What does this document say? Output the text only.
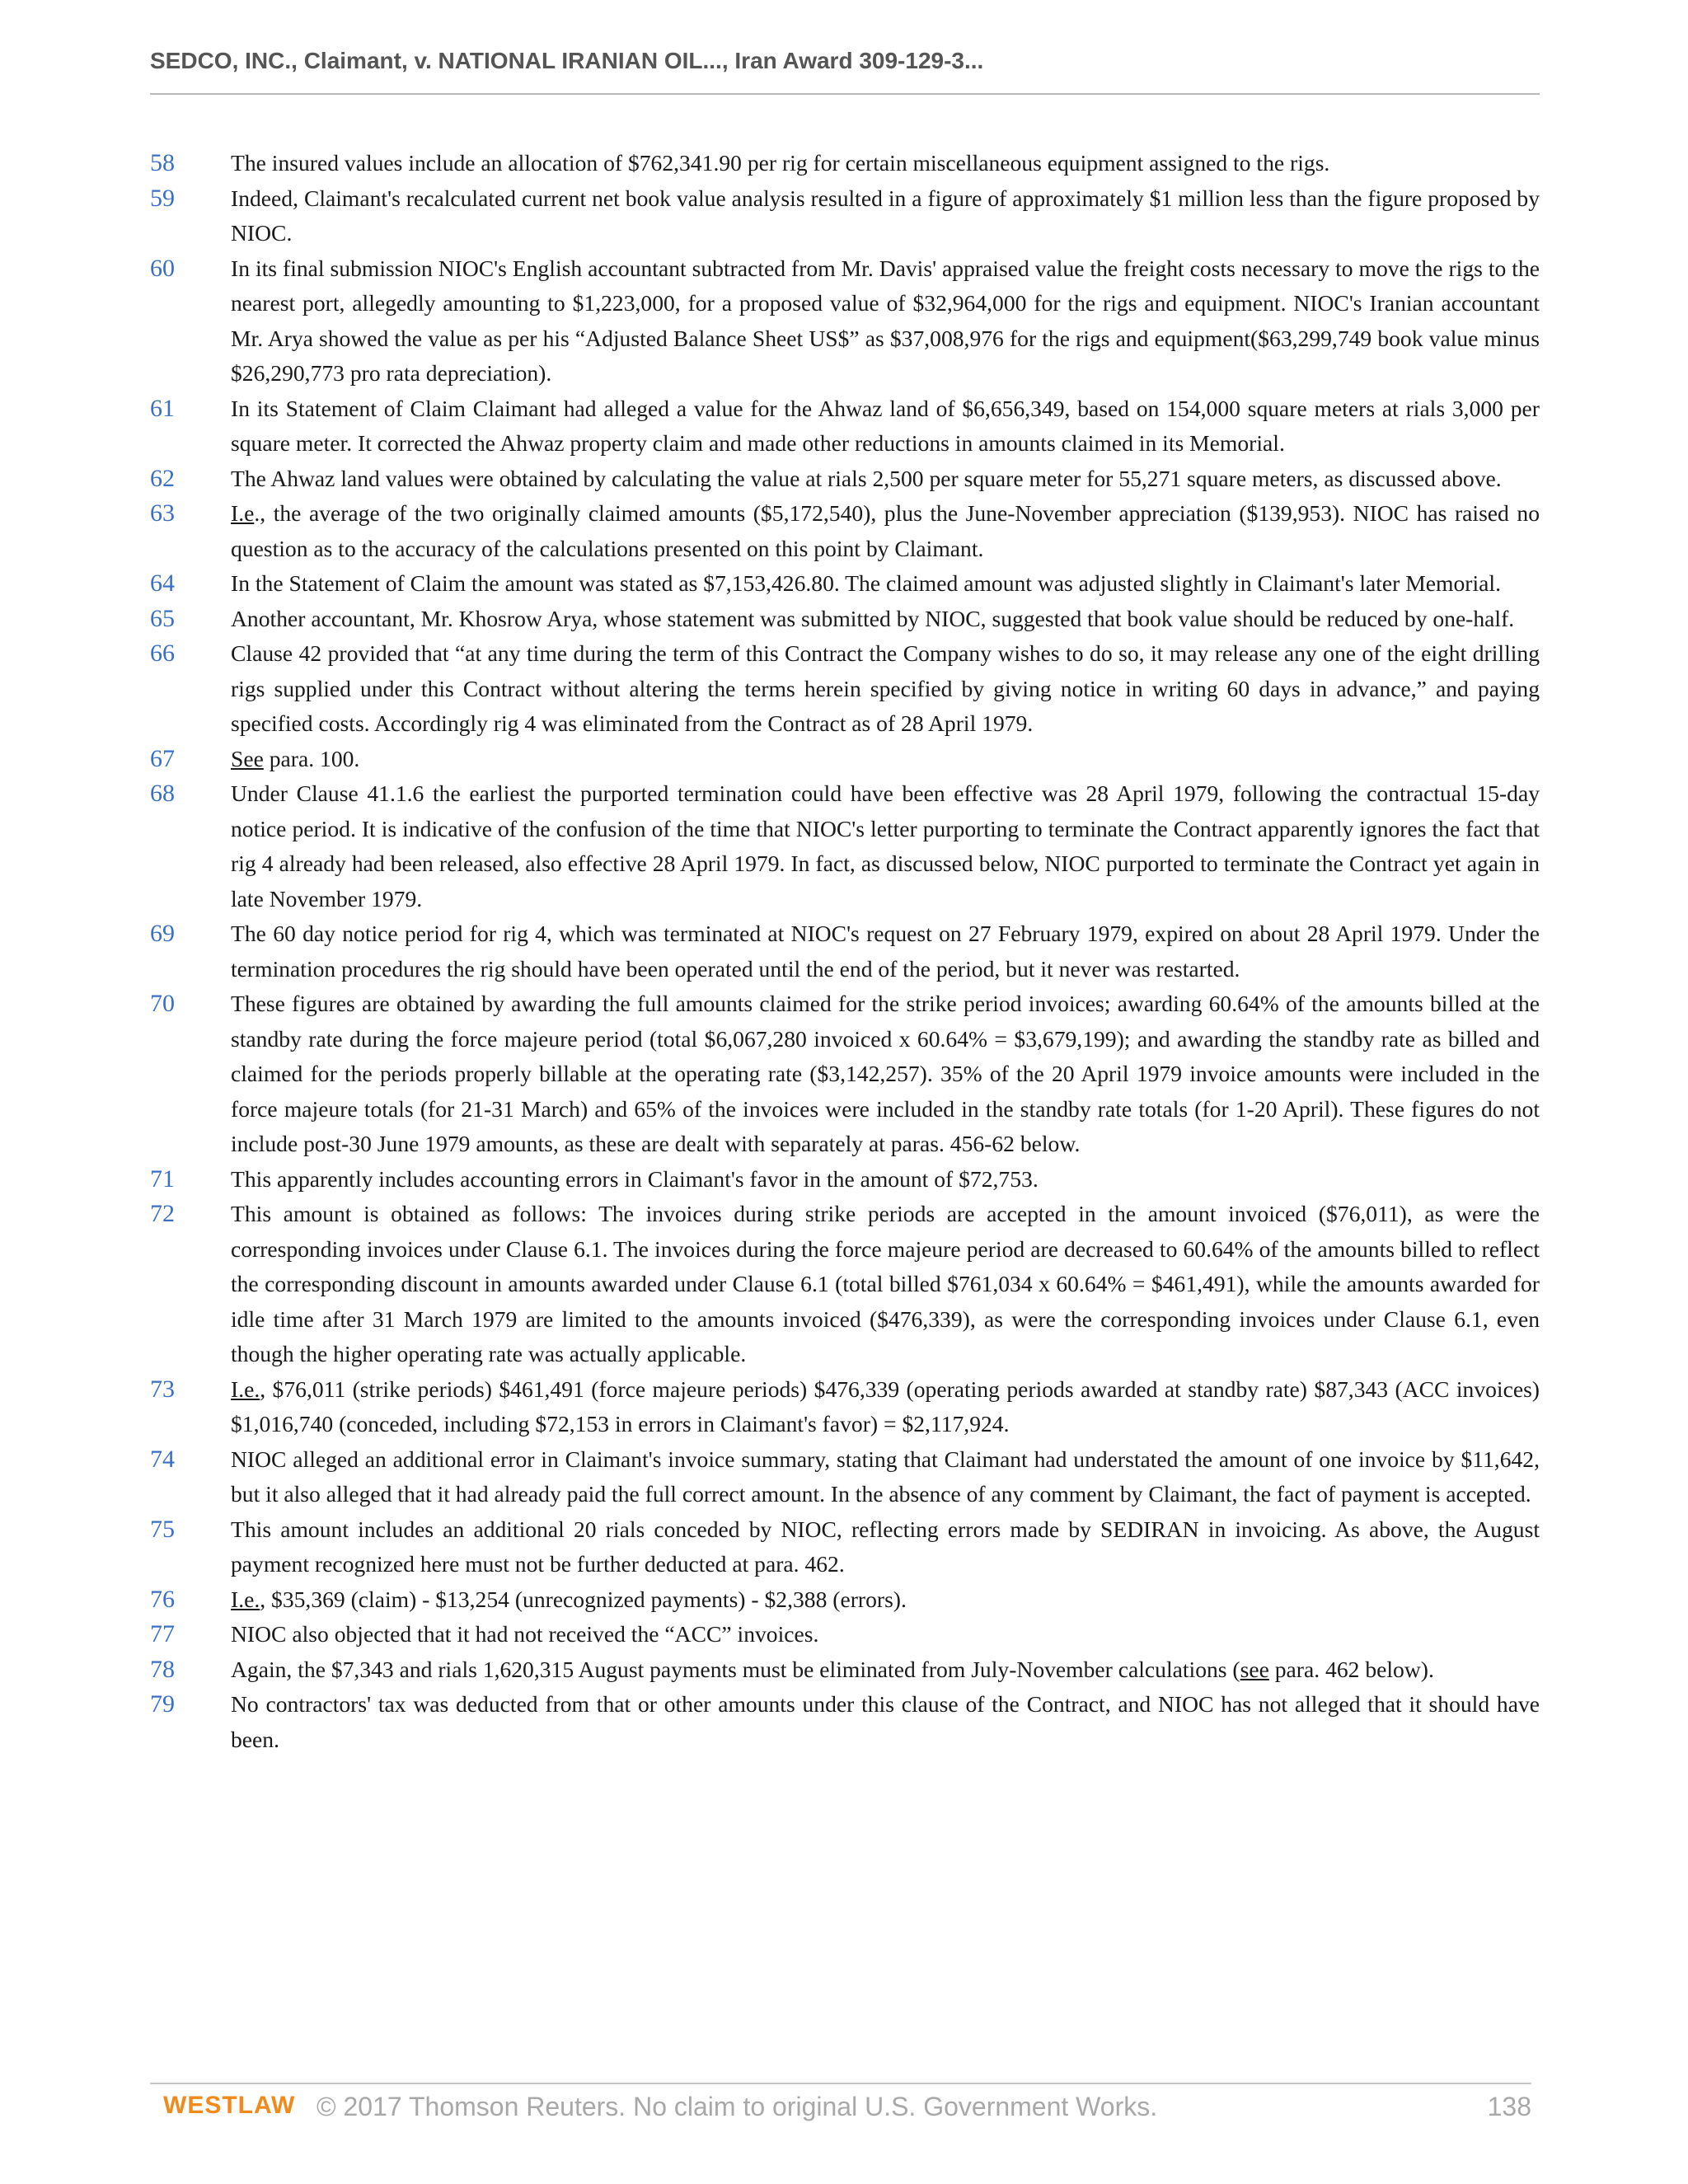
SEDCO, INC., Claimant, v. NATIONAL IRANIAN OIL..., Iran Award 309-129-3...
58	The insured values include an allocation of $762,341.90 per rig for certain miscellaneous equipment assigned to the rigs.

59	Indeed, Claimant's recalculated current net book value analysis resulted in a figure of approximately $1 million less than the figure proposed by NIOC.

60	In its final submission NIOC's English accountant subtracted from Mr. Davis' appraised value the freight costs necessary to move the rigs to the nearest port, allegedly amounting to $1,223,000, for a proposed value of $32,964,000 for the rigs and equipment. NIOC's Iranian accountant Mr. Arya showed the value as per his “Adjusted Balance Sheet US$” as $37,008,976 for the rigs and equipment($63,299,749 book value minus $26,290,773 pro rata depreciation).

61	In its Statement of Claim Claimant had alleged a value for the Ahwaz land of $6,656,349, based on 154,000 square meters at rials 3,000 per square meter. It corrected the Ahwaz property claim and made other reductions in amounts claimed in its Memorial.

62	The Ahwaz land values were obtained by calculating the value at rials 2,500 per square meter for 55,271 square meters, as discussed above.

63	I.e., the average of the two originally claimed amounts ($5,172,540), plus the June-November appreciation ($139,953). NIOC has raised no question as to the accuracy of the calculations presented on this point by Claimant.

64	In the Statement of Claim the amount was stated as $7,153,426.80. The claimed amount was adjusted slightly in Claimant's later Memorial.

65	Another accountant, Mr. Khosrow Arya, whose statement was submitted by NIOC, suggested that book value should be reduced by one-half.

66	Clause 42 provided that “at any time during the term of this Contract the Company wishes to do so, it may release any one of the eight drilling rigs supplied under this Contract without altering the terms herein specified by giving notice in writing 60 days in advance,” and paying specified costs. Accordingly rig 4 was eliminated from the Contract as of 28 April 1979.

67	See para. 100.

68	Under Clause 41.1.6 the earliest the purported termination could have been effective was 28 April 1979, following the contractual 15-day notice period. It is indicative of the confusion of the time that NIOC's letter purporting to terminate the Contract apparently ignores the fact that rig 4 already had been released, also effective 28 April 1979. In fact, as discussed below, NIOC purported to terminate the Contract yet again in late November 1979.

69	The 60 day notice period for rig 4, which was terminated at NIOC's request on 27 February 1979, expired on about 28 April 1979. Under the termination procedures the rig should have been operated until the end of the period, but it never was restarted.

70	These figures are obtained by awarding the full amounts claimed for the strike period invoices; awarding 60.64% of the amounts billed at the standby rate during the force majeure period (total $6,067,280 invoiced x 60.64% = $3,679,199); and awarding the standby rate as billed and claimed for the periods properly billable at the operating rate ($3,142,257). 35% of the 20 April 1979 invoice amounts were included in the force majeure totals (for 21-31 March) and 65% of the invoices were included in the standby rate totals (for 1-20 April). These figures do not include post-30 June 1979 amounts, as these are dealt with separately at paras. 456-62 below.

71	This apparently includes accounting errors in Claimant's favor in the amount of $72,753.

72	This amount is obtained as follows: The invoices during strike periods are accepted in the amount invoiced ($76,011), as were the corresponding invoices under Clause 6.1. The invoices during the force majeure period are decreased to 60.64% of the amounts billed to reflect the corresponding discount in amounts awarded under Clause 6.1 (total billed $761,034 x 60.64% = $461,491), while the amounts awarded for idle time after 31 March 1979 are limited to the amounts invoiced ($476,339), as were the corresponding invoices under Clause 6.1, even though the higher operating rate was actually applicable.

73	I.e., $76,011 (strike periods) $461,491 (force majeure periods) $476,339 (operating periods awarded at standby rate) $87,343 (ACC invoices) $1,016,740 (conceded, including $72,153 in errors in Claimant's favor) = $2,117,924.

74	NIOC alleged an additional error in Claimant's invoice summary, stating that Claimant had understated the amount of one invoice by $11,642, but it also alleged that it had already paid the full correct amount. In the absence of any comment by Claimant, the fact of payment is accepted.

75	This amount includes an additional 20 rials conceded by NIOC, reflecting errors made by SEDIRAN in invoicing. As above, the August payment recognized here must not be further deducted at para. 462.

76	I.e., $35,369 (claim) - $13,254 (unrecognized payments) - $2,388 (errors).

77	NIOC also objected that it had not received the “ACC” invoices.

78	Again, the $7,343 and rials 1,620,315 August payments must be eliminated from July-November calculations (see para. 462 below).

79	No contractors' tax was deducted from that or other amounts under this clause of the Contract, and NIOC has not alleged that it should have been.

WESTLAW © 2017 Thomson Reuters. No claim to original U.S. Government Works.	138
